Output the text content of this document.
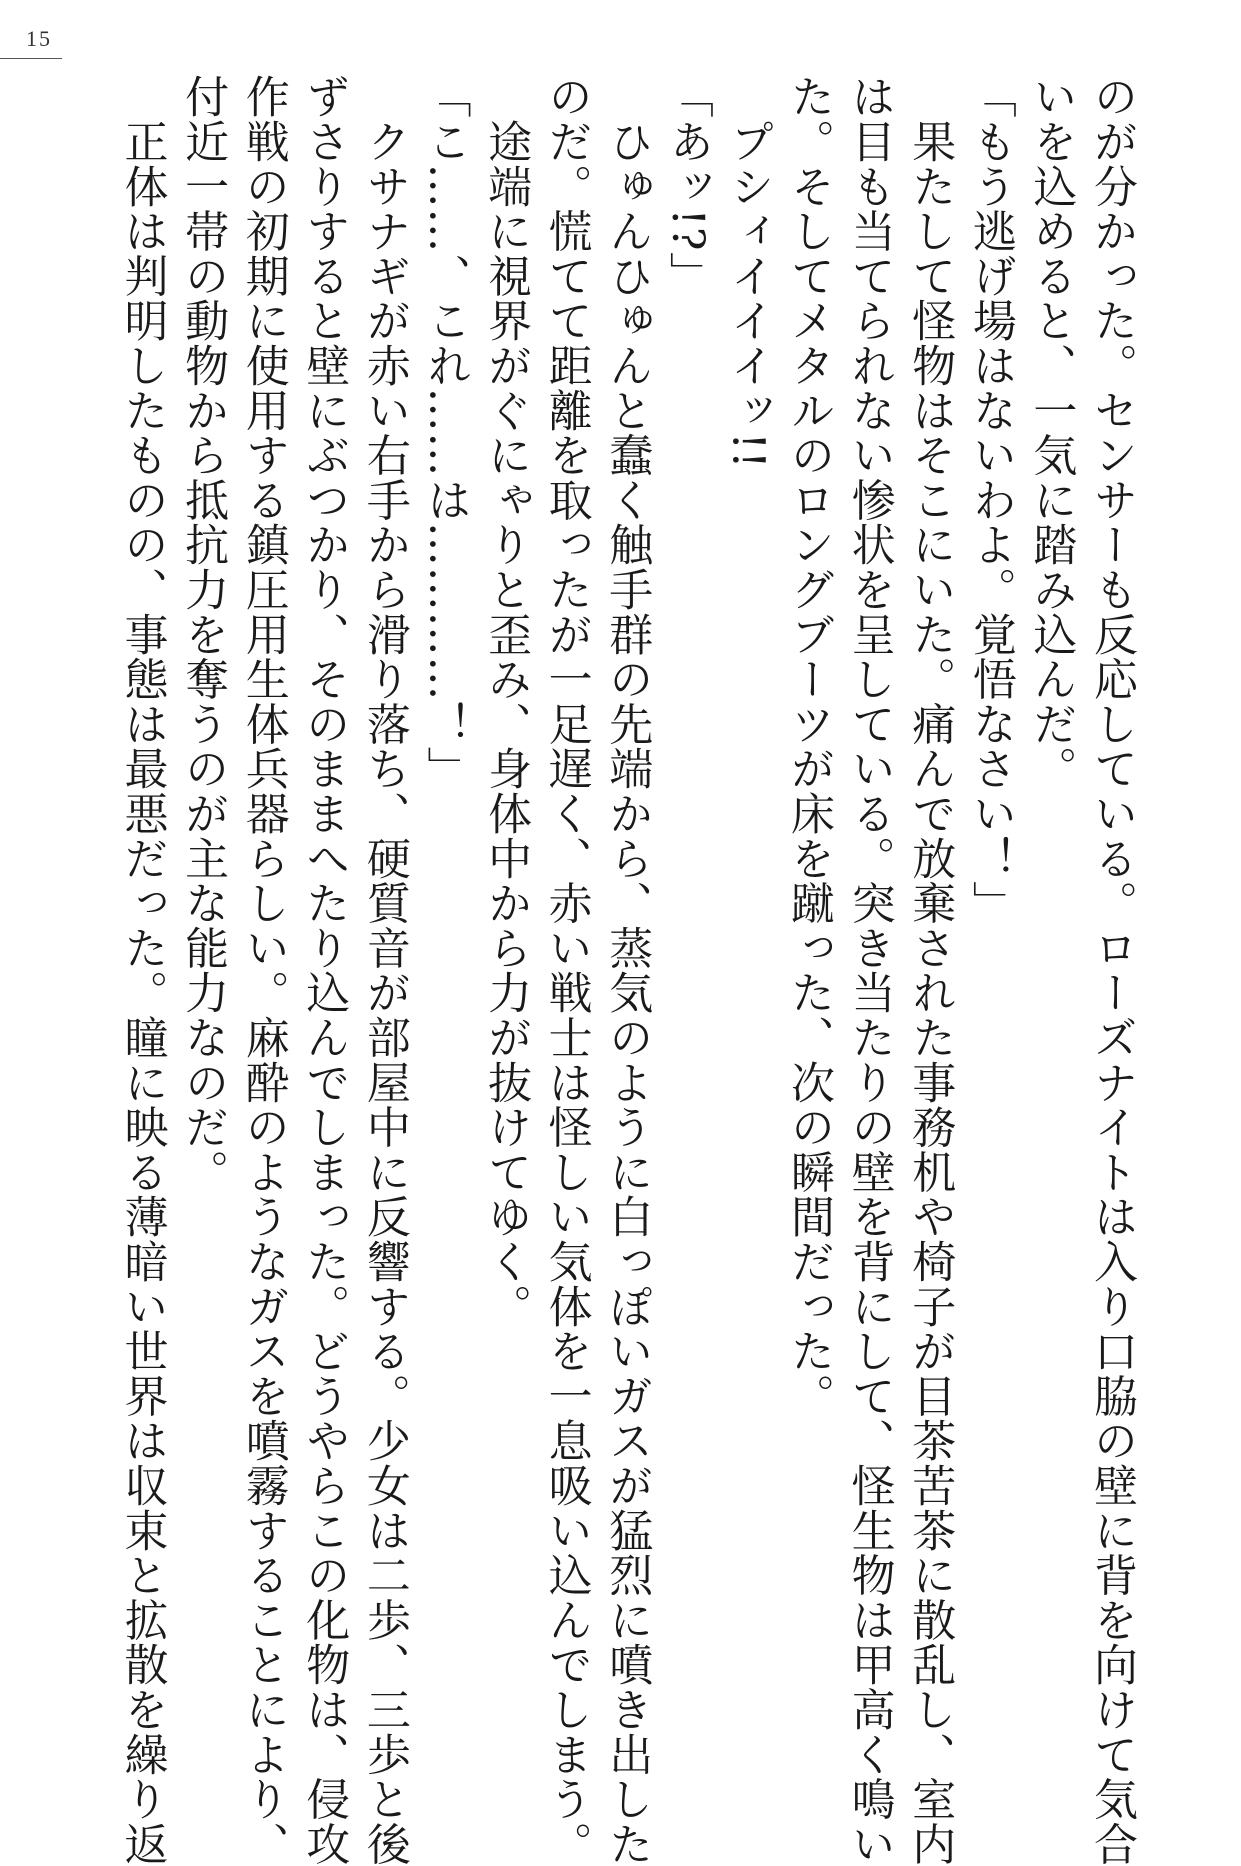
15
のが分かった。センサーも反応している。ローズナイトは入り口脇の壁に背を向けて気合
いを込めると、一気に踏み込んだ。
「もう逃げ場はないわよ。覚悟なさい！」
　果たして怪物はそこにいた。痛んで放棄された事務机や椅子が目茶苦茶に散乱し、室内
は目も当てられない惨状を呈している。突き当たりの壁を背にして、怪生物は甲高く鳴い
た。そしてメタルのロングブーツが床を蹴った、次の瞬間だった。
　プシィイイイッ!!
「あッ!?」
　ひゅんひゅんと蠢く触手群の先端から、蒸気のように白っぽいガスが猛烈に噴き出した
のだ。慌てて距離を取ったが一足遅く、赤い戦士は怪しい気体を一息吸い込んでしまう。
　途端に視界がぐにゃりと歪み、身体中から力が抜けてゆく。
「こ……、これ……は…………！」
　クサナギが赤い右手から滑り落ち、硬質音が部屋中に反響する。少女は二歩、三歩と後
ずさりすると壁にぶつかり、そのままへたり込んでしまった。どうやらこの化物は、侵攻
作戦の初期に使用する鎮圧用生体兵器らしい。麻酔のようなガスを噴霧することにより、
付近一帯の動物から抵抗力を奪うのが主な能力なのだ。
　正体は判明したものの、事態は最悪だった。瞳に映る薄暗い世界は収束と拡散を繰り返
